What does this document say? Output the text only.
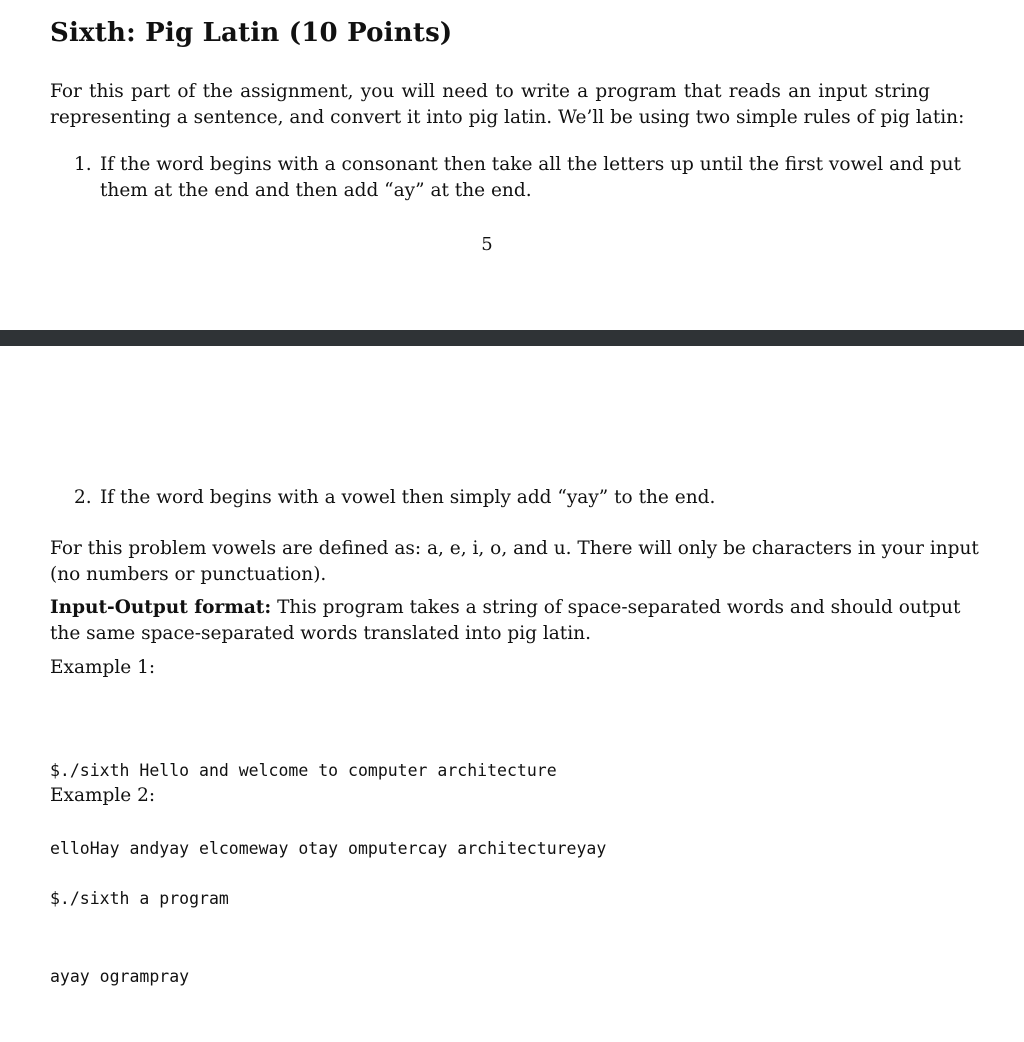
Sixth: Pig Latin (10 Points)
For this part of the assignment, you will need to write a program that reads an input string
representing a sentence, and convert it into pig latin. We’ll be using two simple rules of pig latin:
1. If the word begins with a consonant then take all the letters up until the first vowel and put
them at the end and then add “ay” at the end.
5
2. If the word begins with a vowel then simply add “yay” to the end.
For this problem vowels are defined as: a, e, i, o, and u. There will only be characters in your input
(no numbers or punctuation).
Input-Output format: This program takes a string of space-separated words and should output
the same space-separated words translated into pig latin.
Example 1:

$./sixth Hello and welcome to computer architecture

elloHay andyay elcomeway otay omputercay architectureyay

Example 2:

$./sixth a program

ayay ogrampray
